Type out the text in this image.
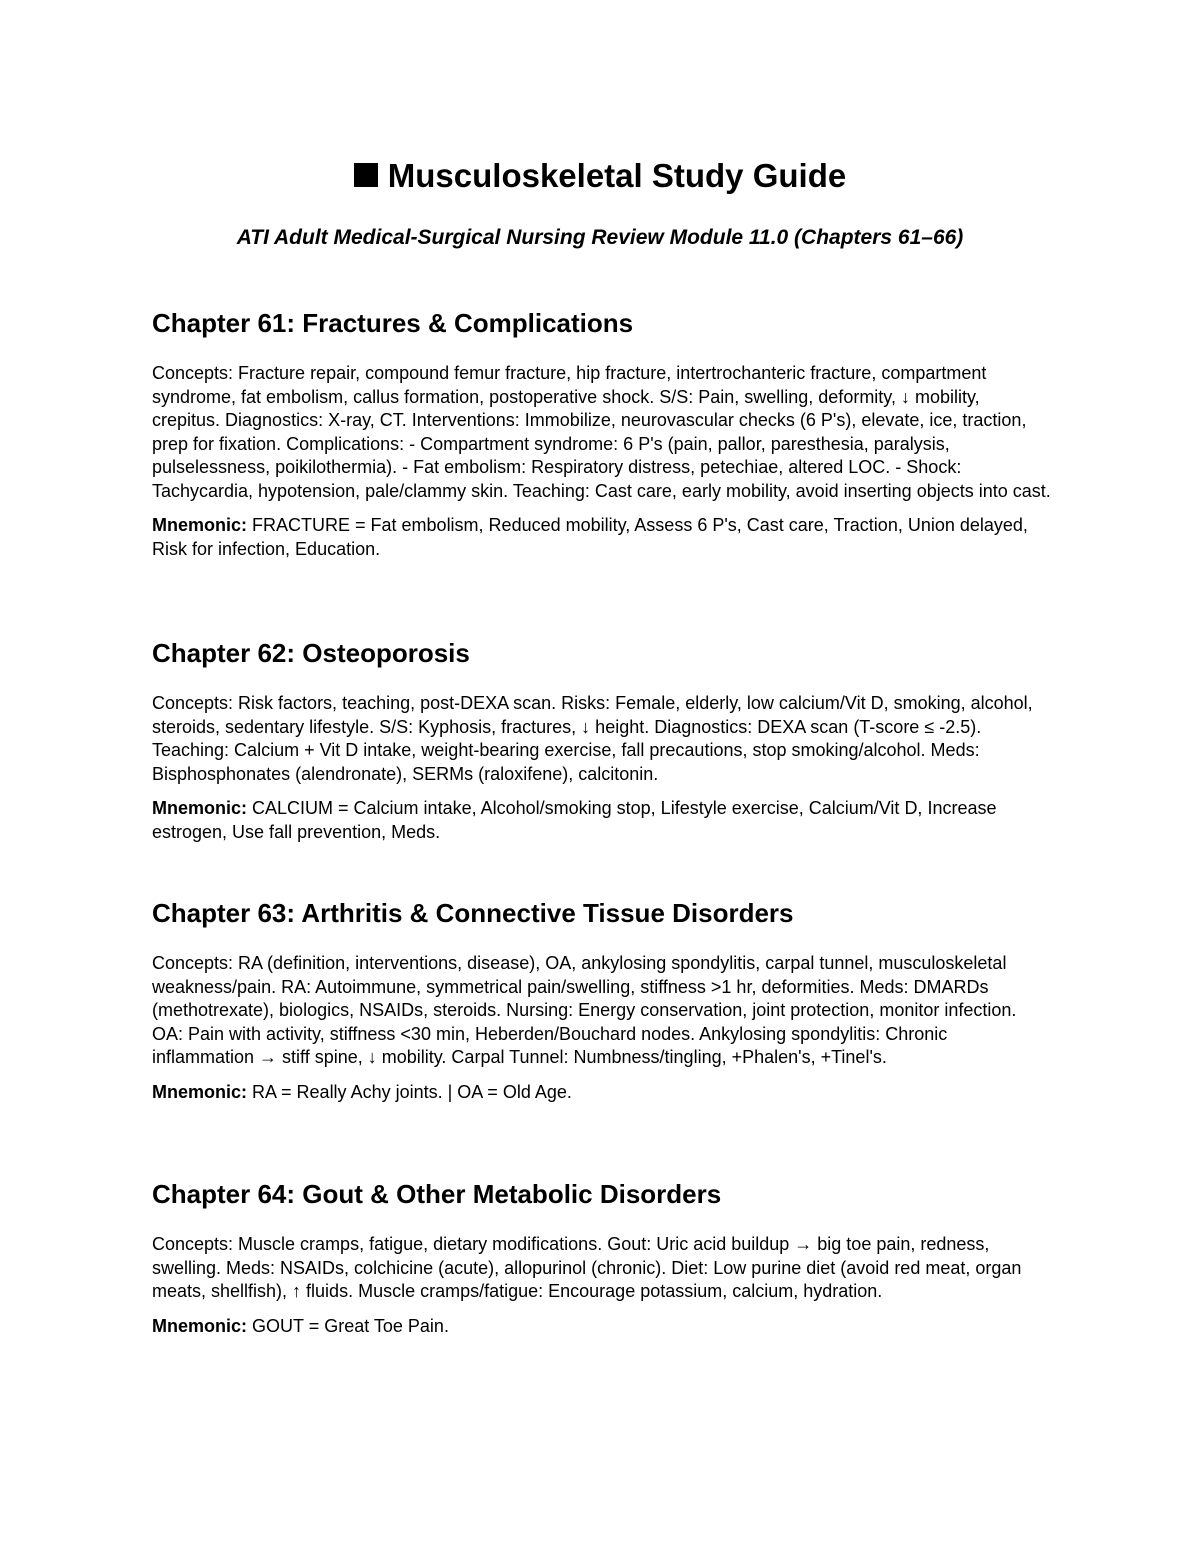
Musculoskeletal Study Guide

ATI Adult Medical-Surgical Nursing Review Module 11.0 (Chapters 61–66)

Chapter 61: Fractures & Complications

Concepts: Fracture repair, compound femur fracture, hip fracture, intertrochanteric fracture, compartment syndrome, fat embolism, callus formation, postoperative shock. S/S: Pain, swelling, deformity, ↓ mobility, crepitus. Diagnostics: X-ray, CT. Interventions: Immobilize, neurovascular checks (6 P's), elevate, ice, traction, prep for fixation. Complications: - Compartment syndrome: 6 P's (pain, pallor, paresthesia, paralysis, pulselessness, poikilothermia). - Fat embolism: Respiratory distress, petechiae, altered LOC. - Shock: Tachycardia, hypotension, pale/clammy skin. Teaching: Cast care, early mobility, avoid inserting objects into cast.

Mnemonic: FRACTURE = Fat embolism, Reduced mobility, Assess 6 P's, Cast care, Traction, Union delayed, Risk for infection, Education.

Chapter 62: Osteoporosis

Concepts: Risk factors, teaching, post-DEXA scan. Risks: Female, elderly, low calcium/Vit D, smoking, alcohol, steroids, sedentary lifestyle. S/S: Kyphosis, fractures, ↓ height. Diagnostics: DEXA scan (T-score ≤ -2.5). Teaching: Calcium + Vit D intake, weight-bearing exercise, fall precautions, stop smoking/alcohol. Meds: Bisphosphonates (alendronate), SERMs (raloxifene), calcitonin.

Mnemonic: CALCIUM = Calcium intake, Alcohol/smoking stop, Lifestyle exercise, Calcium/Vit D, Increase estrogen, Use fall prevention, Meds.

Chapter 63: Arthritis & Connective Tissue Disorders

Concepts: RA (definition, interventions, disease), OA, ankylosing spondylitis, carpal tunnel, musculoskeletal weakness/pain. RA: Autoimmune, symmetrical pain/swelling, stiffness >1 hr, deformities. Meds: DMARDs (methotrexate), biologics, NSAIDs, steroids. Nursing: Energy conservation, joint protection, monitor infection. OA: Pain with activity, stiffness <30 min, Heberden/Bouchard nodes. Ankylosing spondylitis: Chronic inflammation → stiff spine, ↓ mobility. Carpal Tunnel: Numbness/tingling, +Phalen's, +Tinel's.

Mnemonic: RA = Really Achy joints. | OA = Old Age.

Chapter 64: Gout & Other Metabolic Disorders

Concepts: Muscle cramps, fatigue, dietary modifications. Gout: Uric acid buildup → big toe pain, redness, swelling. Meds: NSAIDs, colchicine (acute), allopurinol (chronic). Diet: Low purine diet (avoid red meat, organ meats, shellfish), ↑ fluids. Muscle cramps/fatigue: Encourage potassium, calcium, hydration.

Mnemonic: GOUT = Great Toe Pain.
